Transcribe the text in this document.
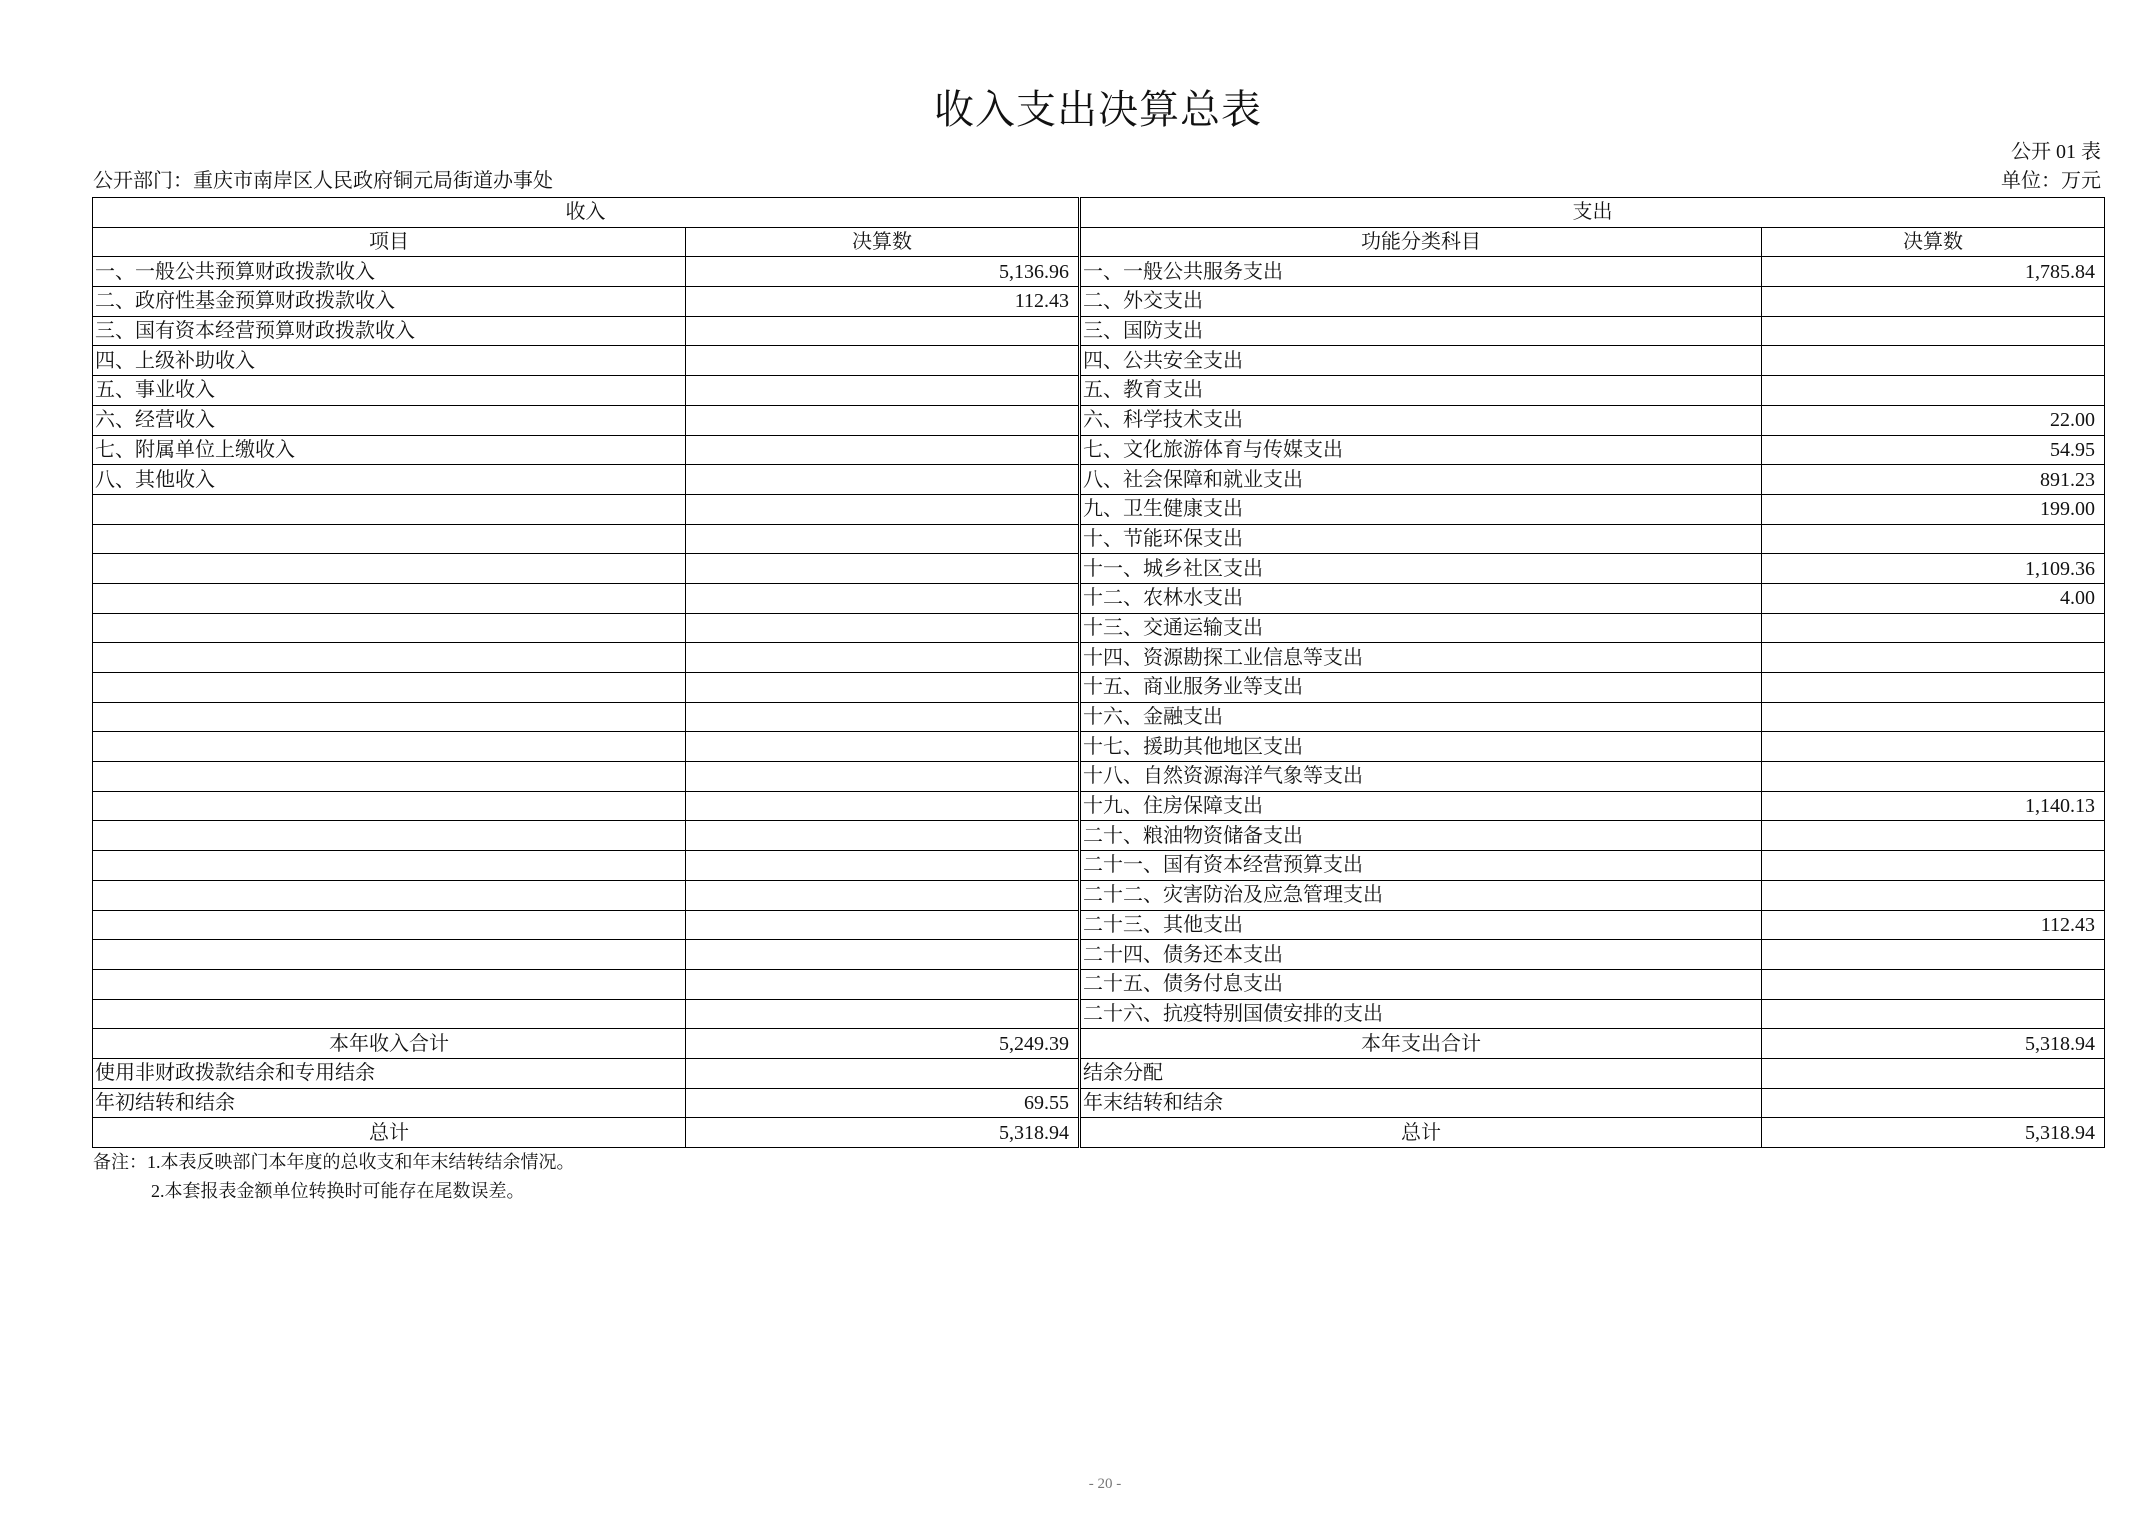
收入支出决算总表
公开 01 表
公开部门：重庆市南岸区人民政府铜元局街道办事处	单位：万元
收入		支出	
项目	决算数	功能分类科目	决算数
一、一般公共预算财政拨款收入	5,136.96	一、一般公共服务支出	1,785.84
二、政府性基金预算财政拨款收入	112.43	二、外交支出	
三、国有资本经营预算财政拨款收入		三、国防支出	
四、上级补助收入		四、公共安全支出	
五、事业收入		五、教育支出	
六、经营收入		六、科学技术支出	22.00
七、附属单位上缴收入		七、文化旅游体育与传媒支出	54.95
八、其他收入		八、社会保障和就业支出	891.23
		九、卫生健康支出	199.00
		十、节能环保支出	
		十一、城乡社区支出	1,109.36
		十二、农林水支出	4.00
		十三、交通运输支出	
		十四、资源勘探工业信息等支出	
		十五、商业服务业等支出	
		十六、金融支出	
		十七、援助其他地区支出	
		十八、自然资源海洋气象等支出	
		十九、住房保障支出	1,140.13
		二十、粮油物资储备支出	
		二十一、国有资本经营预算支出	
		二十二、灾害防治及应急管理支出	
		二十三、其他支出	112.43
		二十四、债务还本支出	
		二十五、债务付息支出	
		二十六、抗疫特别国债安排的支出	
本年收入合计	5,249.39	本年支出合计	5,318.94
使用非财政拨款结余和专用结余		结余分配	
年初结转和结余	69.55	年末结转和结余	
总计	5,318.94	总计	5,318.94
备注：1.本表反映部门本年度的总收支和年末结转结余情况。
2.本套报表金额单位转换时可能存在尾数误差。
- 20 -
